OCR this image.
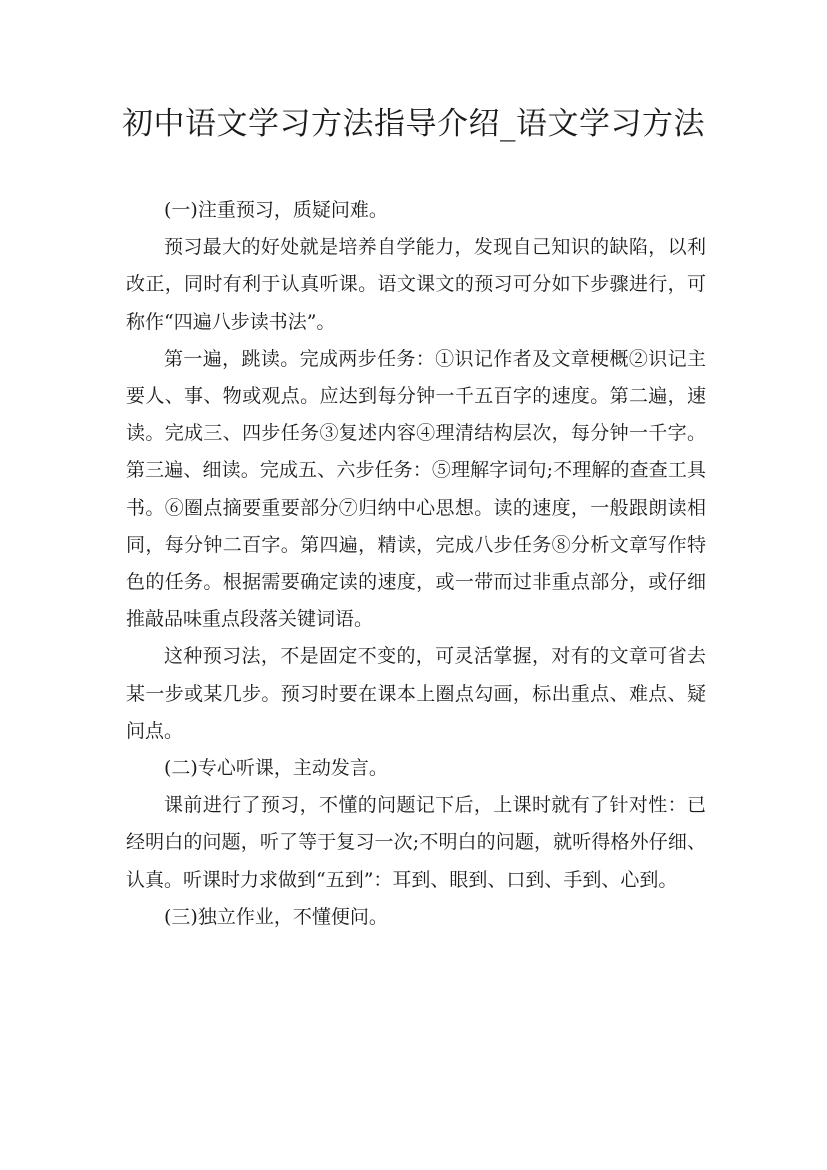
初中语文学习方法指导介绍_语文学习方法

(一)注重预习，质疑问难。

预习最大的好处就是培养自学能力，发现自己知识的缺陷，以利改正，同时有利于认真听课。语文课文的预习可分如下步骤进行，可称作“四遍八步读书法”。

第一遍，跳读。完成两步任务：①识记作者及文章梗概②识记主要人、事、物或观点。应达到每分钟一千五百字的速度。第二遍，速读。完成三、四步任务③复述内容④理清结构层次，每分钟一千字。第三遍、细读。完成五、六步任务：⑤理解字词句;不理解的查查工具书。⑥圈点摘要重要部分⑦归纳中心思想。读的速度，一般跟朗读相同，每分钟二百字。第四遍，精读，完成八步任务⑧分析文章写作特色的任务。根据需要确定读的速度，或一带而过非重点部分，或仔细推敲品味重点段落关键词语。

这种预习法，不是固定不变的，可灵活掌握，对有的文章可省去某一步或某几步。预习时要在课本上圈点勾画，标出重点、难点、疑问点。

(二)专心听课，主动发言。

课前进行了预习，不懂的问题记下后，上课时就有了针对性：已经明白的问题，听了等于复习一次;不明白的问题，就听得格外仔细、认真。听课时力求做到“五到”：耳到、眼到、口到、手到、心到。

(三)独立作业，不懂便问。
